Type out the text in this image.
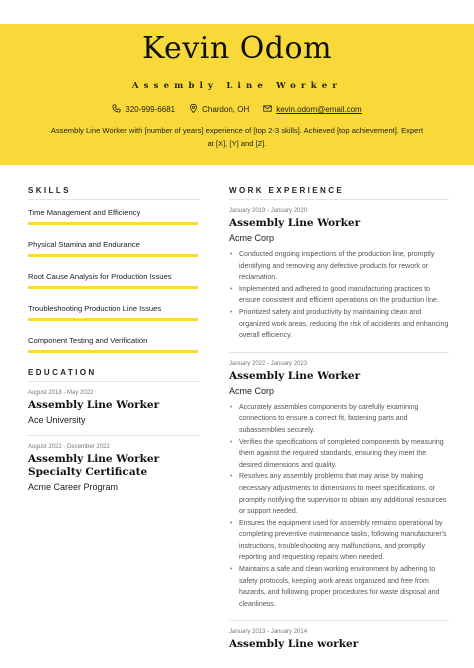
Kevin Odom
Assembly Line Worker
320-999-6681	Chardon, OH	kevin.odom@email.com
Assembly Line Worker with [number of years] experience of [top 2-3 skills]. Achieved [top achievement]. Expert at [X], [Y] and [Z].
SKILLS
Time Management and Efficiency
Physical Stamina and Endurance
Root Cause Analysis for Production Issues
Troubleshooting Production Line Issues
Component Testing and Verification
EDUCATION
August 2018 - May 2022
Assembly Line Worker
Ace University
August 2022 - December 2022
Assembly Line Worker Specialty Certificate
Acme Career Program
WORK EXPERIENCE
January 2019 - January 2020
Assembly Line Worker
Acme Corp
• Conducted ongoing inspections of the production line, promptly identifying and removing any defective products for rework or reclamation.
• Implemented and adhered to good manufacturing practices to ensure consistent and efficient operations on the production line.
• Prioritized safety and productivity by maintaining clean and organized work areas, reducing the risk of accidents and enhancing overall efficiency.
January 2022 - January 2023
Assembly Line Worker
Acme Corp
• Accurately assembles components by carefully examining connections to ensure a correct fit, fastening parts and subassemblies securely.
• Verifies the specifications of completed components by measuring them against the required standards, ensuring they meet the desired dimensions and quality.
• Resolves any assembly problems that may arise by making necessary adjustments to dimensions to meet specifications, or promptly notifying the supervisor to obtain any additional resources or support needed.
• Ensures the equipment used for assembly remains operational by completing preventive maintenance tasks, following manufacturer's instructions, troubleshooting any malfunctions, and promptly reporting and requesting repairs when needed.
• Maintains a safe and clean working environment by adhering to safety protocols, keeping work areas organized and free from hazards, and following proper procedures for waste disposal and cleanliness.
January 2013 - January 2014
Assembly Line worker
